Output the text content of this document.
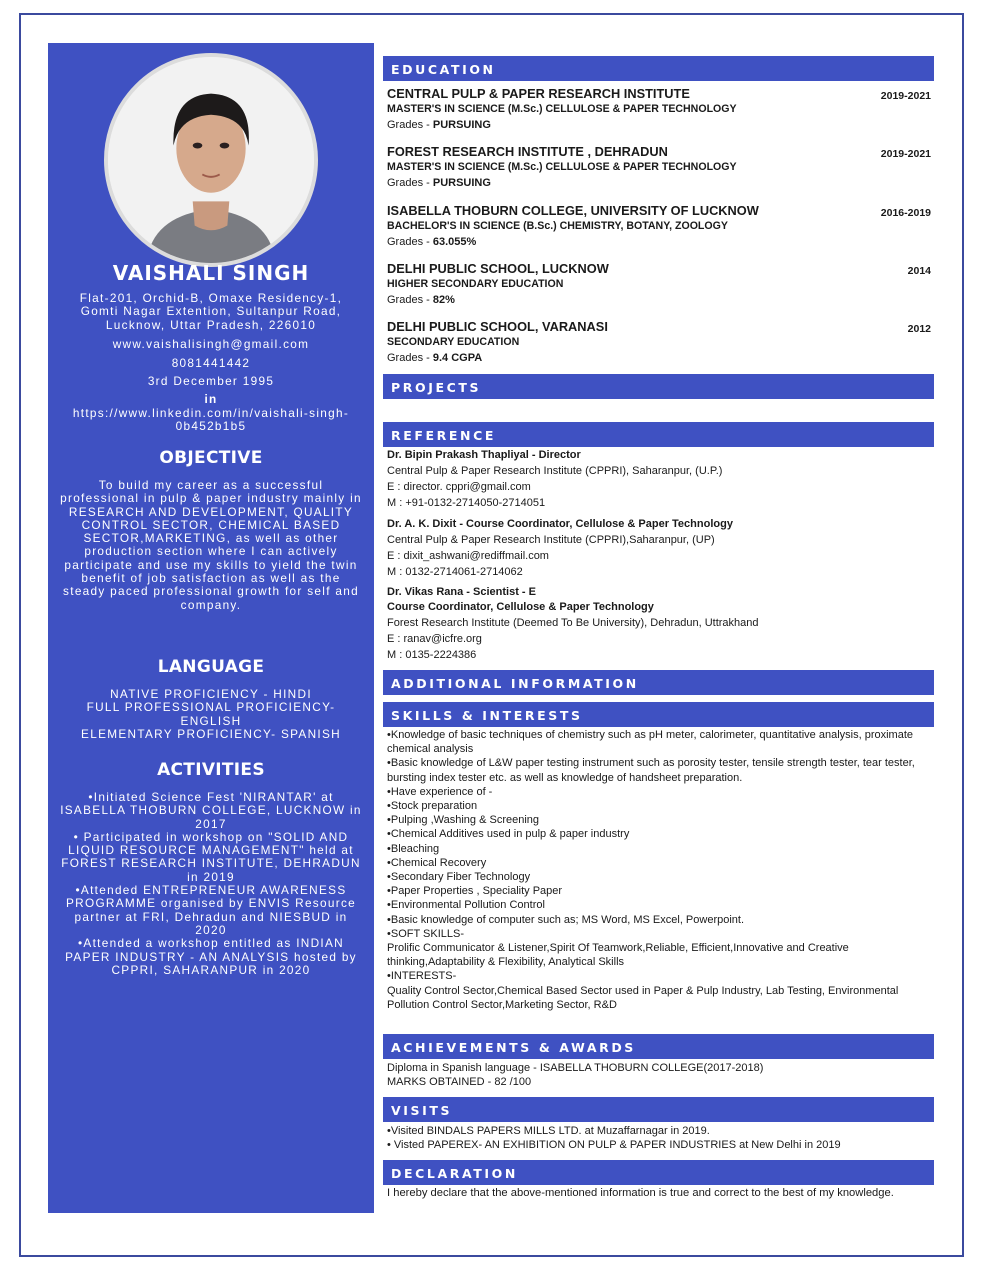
VAISHALI SINGH
Flat-201, Orchid-B, Omaxe Residency-1, Gomti Nagar Extention, Sultanpur Road, Lucknow, Uttar Pradesh, 226010
www.vaishalisingh@gmail.com
8081441442
3rd December 1995
in
https://www.linkedin.com/in/vaishali-singh-0b452b1b5
OBJECTIVE
To build my career as a successful professional in pulp & paper industry mainly in RESEARCH AND DEVELOPMENT, QUALITY CONTROL SECTOR, CHEMICAL BASED SECTOR,MARKETING, as well as other production section where I can actively participate and use my skills to yield the twin benefit of job satisfaction as well as the steady paced professional growth for self and company.
LANGUAGE
NATIVE PROFICIENCY - HINDI
FULL PROFESSIONAL PROFICIENCY- ENGLISH
ELEMENTARY PROFICIENCY- SPANISH
ACTIVITIES
•Initiated Science Fest 'NIRANTAR' at ISABELLA THOBURN COLLEGE, LUCKNOW in 2017
• Participated in workshop on "SOLID AND LIQUID RESOURCE MANAGEMENT" held at FOREST RESEARCH INSTITUTE, DEHRADUN in 2019
•Attended ENTREPRENEUR AWARENESS PROGRAMME organised by ENVIS Resource partner at FRI, Dehradun and NIESBUD in 2020
•Attended a workshop entitled as INDIAN PAPER INDUSTRY - AN ANALYSIS hosted by CPPRI, SAHARANPUR in 2020
EDUCATION
CENTRAL PULP & PAPER RESEARCH INSTITUTE	2019-2021
MASTER'S IN SCIENCE (M.Sc.) CELLULOSE & PAPER TECHNOLOGY
Grades - PURSUING
FOREST RESEARCH INSTITUTE , DEHRADUN	2019-2021
MASTER'S IN SCIENCE (M.Sc.) CELLULOSE & PAPER TECHNOLOGY
Grades - PURSUING
ISABELLA THOBURN COLLEGE, UNIVERSITY OF LUCKNOW	2016-2019
BACHELOR'S IN SCIENCE (B.Sc.) CHEMISTRY, BOTANY, ZOOLOGY
Grades - 63.055%
DELHI PUBLIC SCHOOL, LUCKNOW	2014
HIGHER SECONDARY EDUCATION
Grades - 82%
DELHI PUBLIC SCHOOL, VARANASI	2012
SECONDARY EDUCATION
Grades - 9.4 CGPA
PROJECTS
REFERENCE
Dr. Bipin Prakash Thapliyal - Director
Central Pulp & Paper Research Institute (CPPRI), Saharanpur, (U.P.)
E : director. cppri@gmail.com
M : +91-0132-2714050-2714051
Dr. A. K. Dixit - Course Coordinator, Cellulose & Paper Technology
Central Pulp & Paper Research Institute (CPPRI),Saharanpur, (UP)
E : dixit_ashwani@rediffmail.com
M : 0132-2714061-2714062
Dr. Vikas Rana - Scientist - E
Course Coordinator, Cellulose & Paper Technology
Forest Research Institute (Deemed To Be University), Dehradun, Uttrakhand
E : ranav@icfre.org
M : 0135-2224386
ADDITIONAL INFORMATION
SKILLS & INTERESTS
•Knowledge of basic techniques of chemistry such as pH meter, calorimeter, quantitative analysis, proximate chemical analysis
•Basic knowledge of L&W paper testing instrument such as porosity tester, tensile strength tester, tear tester, bursting index tester etc. as well as knowledge of handsheet preparation.
•Have experience of -
•Stock preparation
•Pulping ,Washing & Screening
•Chemical Additives used in pulp & paper industry
•Bleaching
•Chemical Recovery
•Secondary Fiber Technology
•Paper Properties , Speciality Paper
•Environmental Pollution Control
•Basic knowledge of computer such as; MS Word, MS Excel, Powerpoint.
•SOFT SKILLS-
Prolific Communicator & Listener,Spirit Of Teamwork,Reliable, Efficient,Innovative and Creative thinking,Adaptability & Flexibility, Analytical Skills
•INTERESTS-
Quality Control Sector,Chemical Based Sector used in Paper & Pulp Industry, Lab Testing, Environmental Pollution Control Sector,Marketing Sector, R&D
ACHIEVEMENTS & AWARDS
Diploma in Spanish language - ISABELLA THOBURN COLLEGE(2017-2018)
MARKS OBTAINED - 82 /100
VISITS
•Visited BINDALS PAPERS MILLS LTD. at Muzaffarnagar in 2019.
• Visted PAPEREX- AN EXHIBITION ON PULP & PAPER INDUSTRIES at New Delhi in 2019
DECLARATION
I hereby declare that the above-mentioned information is true and correct to the best of my knowledge.
